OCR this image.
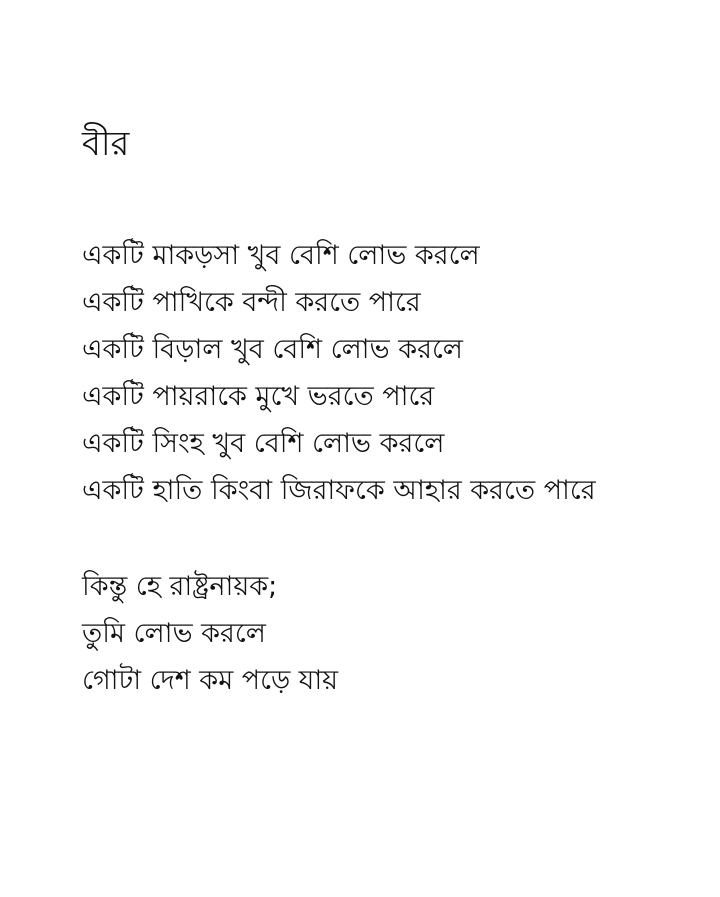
বীর
একটি মাকড়সা খুব বেশি লোভ করলে
একটি পাখিকে বন্দী করতে পারে
একটি বিড়াল খুব বেশি লোভ করলে
একটি পায়রাকে মুখে ভরতে পারে
একটি সিংহ খুব বেশি লোভ করলে
একটি হাতি কিংবা জিরাফকে আহার করতে পারে
কিন্তু হে রাষ্ট্রনায়ক;
তুমি লোভ করলে
গোটা দেশ কম পড়ে যায়
